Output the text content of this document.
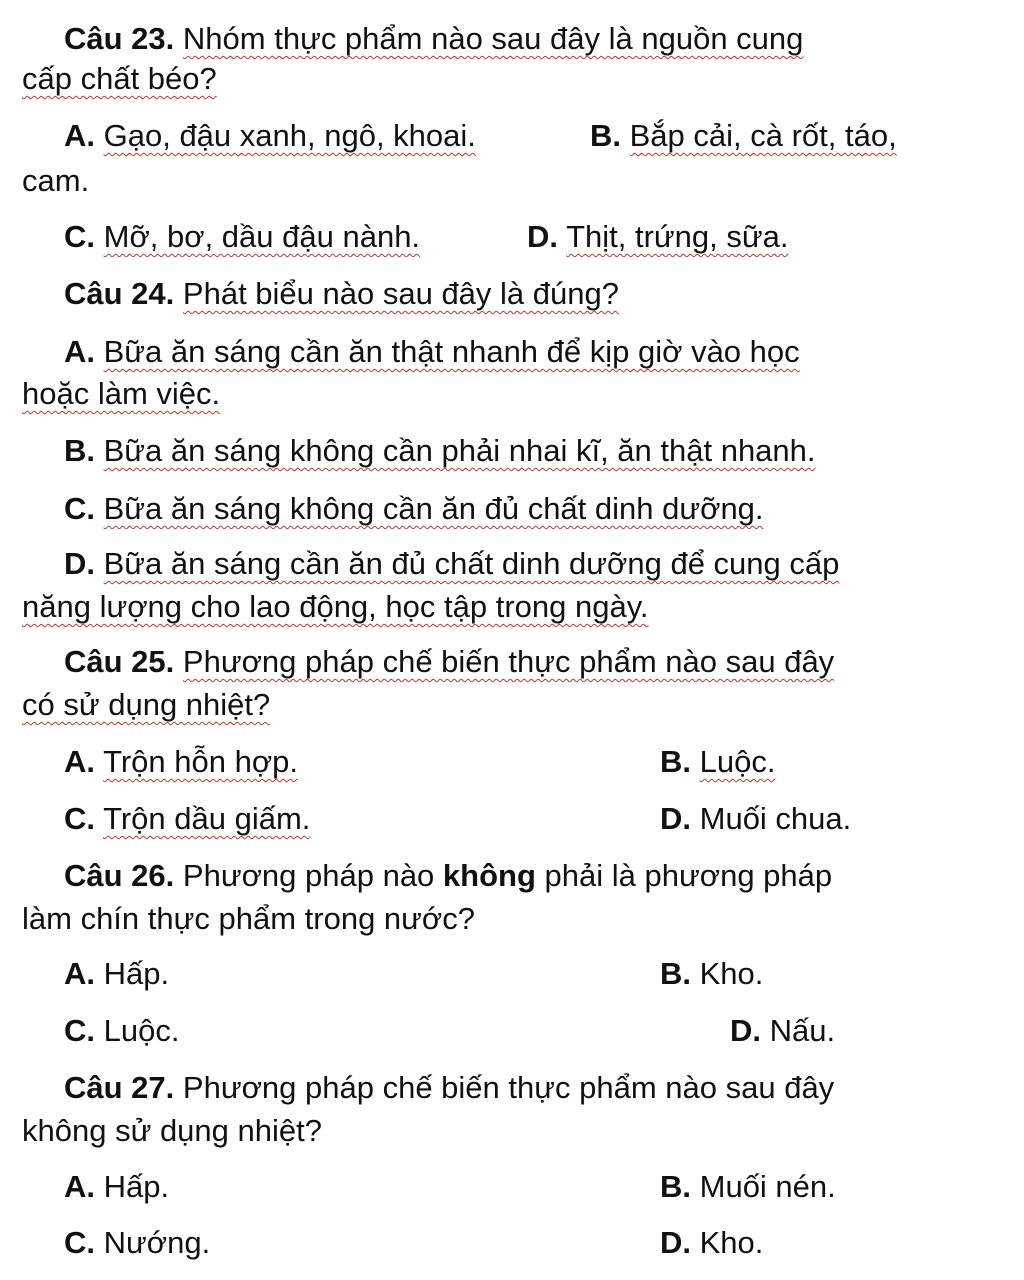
Câu 23. Nhóm thực phẩm nào sau đây là nguồn cung
cấp chất béo?
A. Gạo, đậu xanh, ngô, khoai.	B. Bắp cải, cà rốt, táo,
cam.
C. Mỡ, bơ, dầu đậu nành.	D. Thịt, trứng, sữa.
Câu 24. Phát biểu nào sau đây là đúng?
A. Bữa ăn sáng cần ăn thật nhanh để kịp giờ vào học
hoặc làm việc.
B. Bữa ăn sáng không cần phải nhai kĩ, ăn thật nhanh.
C. Bữa ăn sáng không cần ăn đủ chất dinh dưỡng.
D. Bữa ăn sáng cần ăn đủ chất dinh dưỡng để cung cấp
năng lượng cho lao động, học tập trong ngày.
Câu 25. Phương pháp chế biến thực phẩm nào sau đây
có sử dụng nhiệt?
A. Trộn hỗn hợp.	B. Luộc.
C. Trộn dầu giấm.	D. Muối chua.
Câu 26. Phương pháp nào không phải là phương pháp
làm chín thực phẩm trong nước?
A. Hấp.	B. Kho.
C. Luộc.	D. Nấu.
Câu 27. Phương pháp chế biến thực phẩm nào sau đây
không sử dụng nhiệt?
A. Hấp.	B. Muối nén.
C. Nướng.	D. Kho.
